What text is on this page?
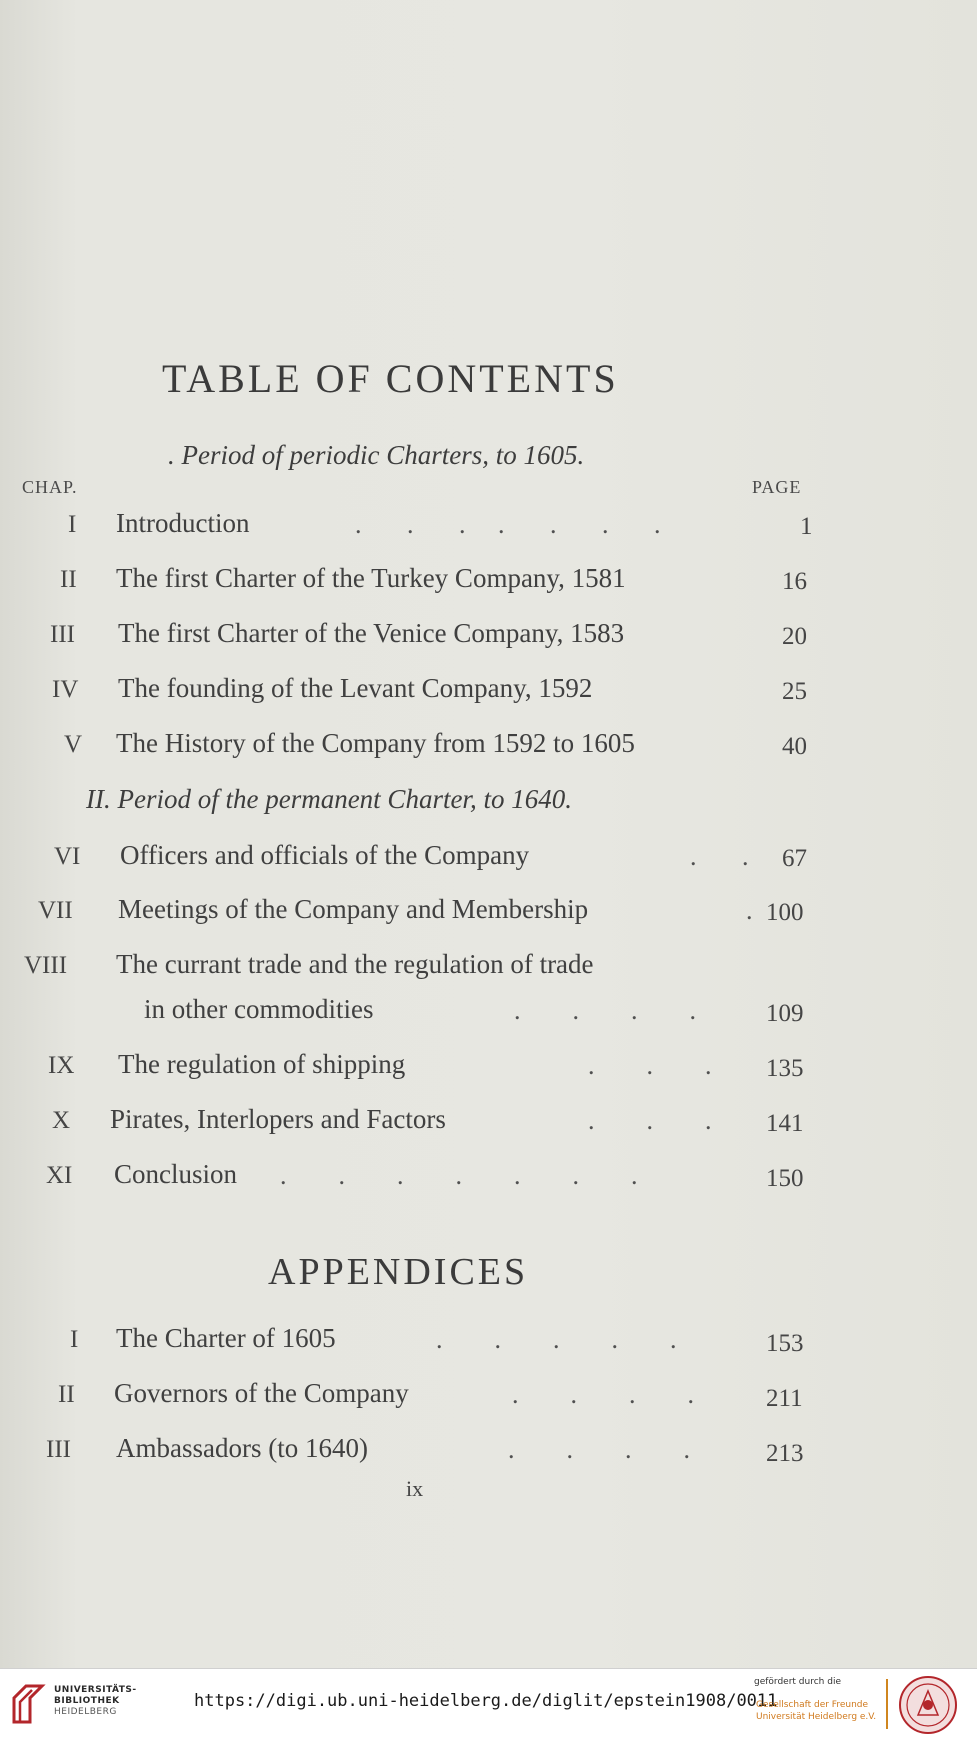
TABLE OF CONTENTS
. Period of periodic Charters, to 1605.
CHAP.	PAGE
I Introduction	.       .       .     .       .       .       .	1
II The first Charter of the Turkey Company, 1581	16
III The first Charter of the Venice Company, 1583	20
IV The founding of the Levant Company, 1592	25
V The History of the Company from 1592 to 1605	40
II. Period of the permanent Charter, to 1640.
VI Officers and officials of the Company	.       . 67
VII Meetings of the Company and Membership	. 100
VIII The currant trade and the regulation of trade
in other commodities	.        .        .        .	109
IX The regulation of shipping	.        .        . 135
X Pirates, Interlopers and Factors	.        .        . 141
XI Conclusion .        .        .        .        .        .        .	150
APPENDICES
I The Charter of 1605	.        .        .        .        .	153
II Governors of the Company	.        .        .        .	211
III Ambassadors (to 1640)	.        .        .        .	213
ix
UNIVERSITÄTS-
BIBLIOTHEK
HEIDELBERG
https://digi.ub.uni-heidelberg.de/diglit/epstein1908/0011
gefördert durch die
Gesellschaft der Freunde
Universität Heidelberg e.V.
